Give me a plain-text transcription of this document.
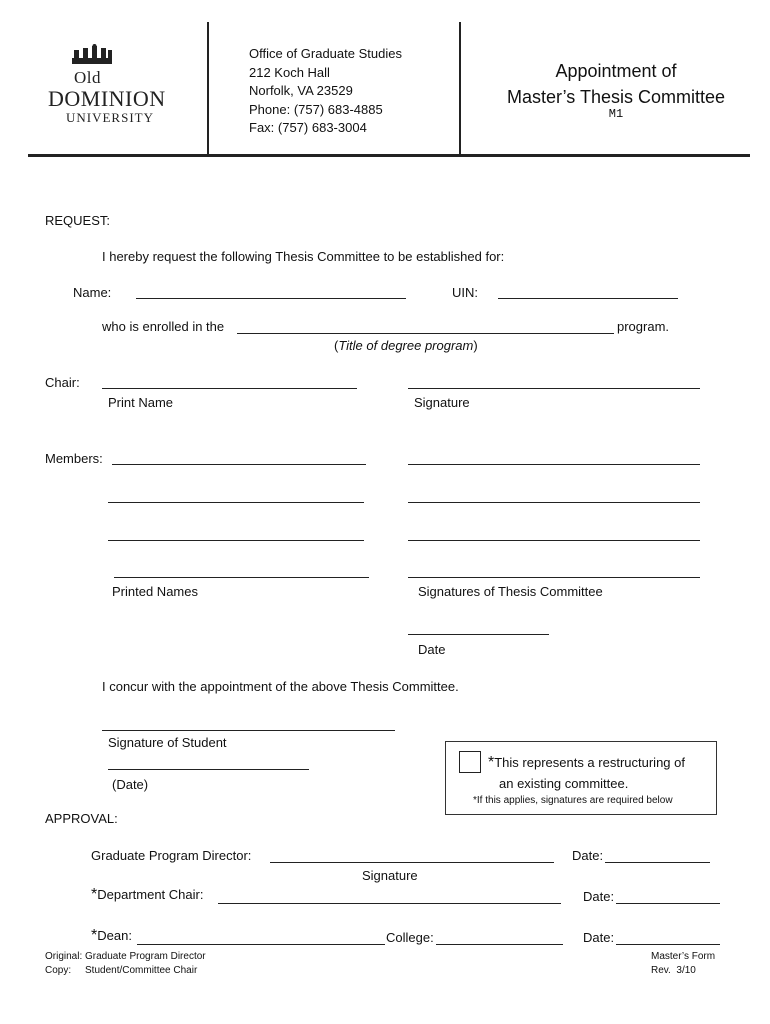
Old
DOMINION
UNIVERSITY
Office of Graduate Studies
212 Koch Hall
Norfolk, VA 23529
Phone: (757) 683-4885
Fax: (757) 683-3004
Appointment of
Master’s Thesis Committee
M1
REQUEST:
I hereby request the following Thesis Committee to be established for:
Name:	UIN:
who is enrolled in the	program.
(Title of degree program)
Chair:
Print Name	Signature
Members:
Printed Names	Signatures of Thesis Committee
Date
I concur with the appointment of the above Thesis Committee.
Signature of Student
(Date)
*This represents a restructuring of
an existing committee.
*If this applies, signatures are required below
APPROVAL:
Graduate Program Director:	Date:
Signature
*Department Chair:	Date:
*Dean:	College:	Date:
Original: Graduate Program Director
Copy:     Student/Committee Chair
Master’s Form
Rev.  3/10
